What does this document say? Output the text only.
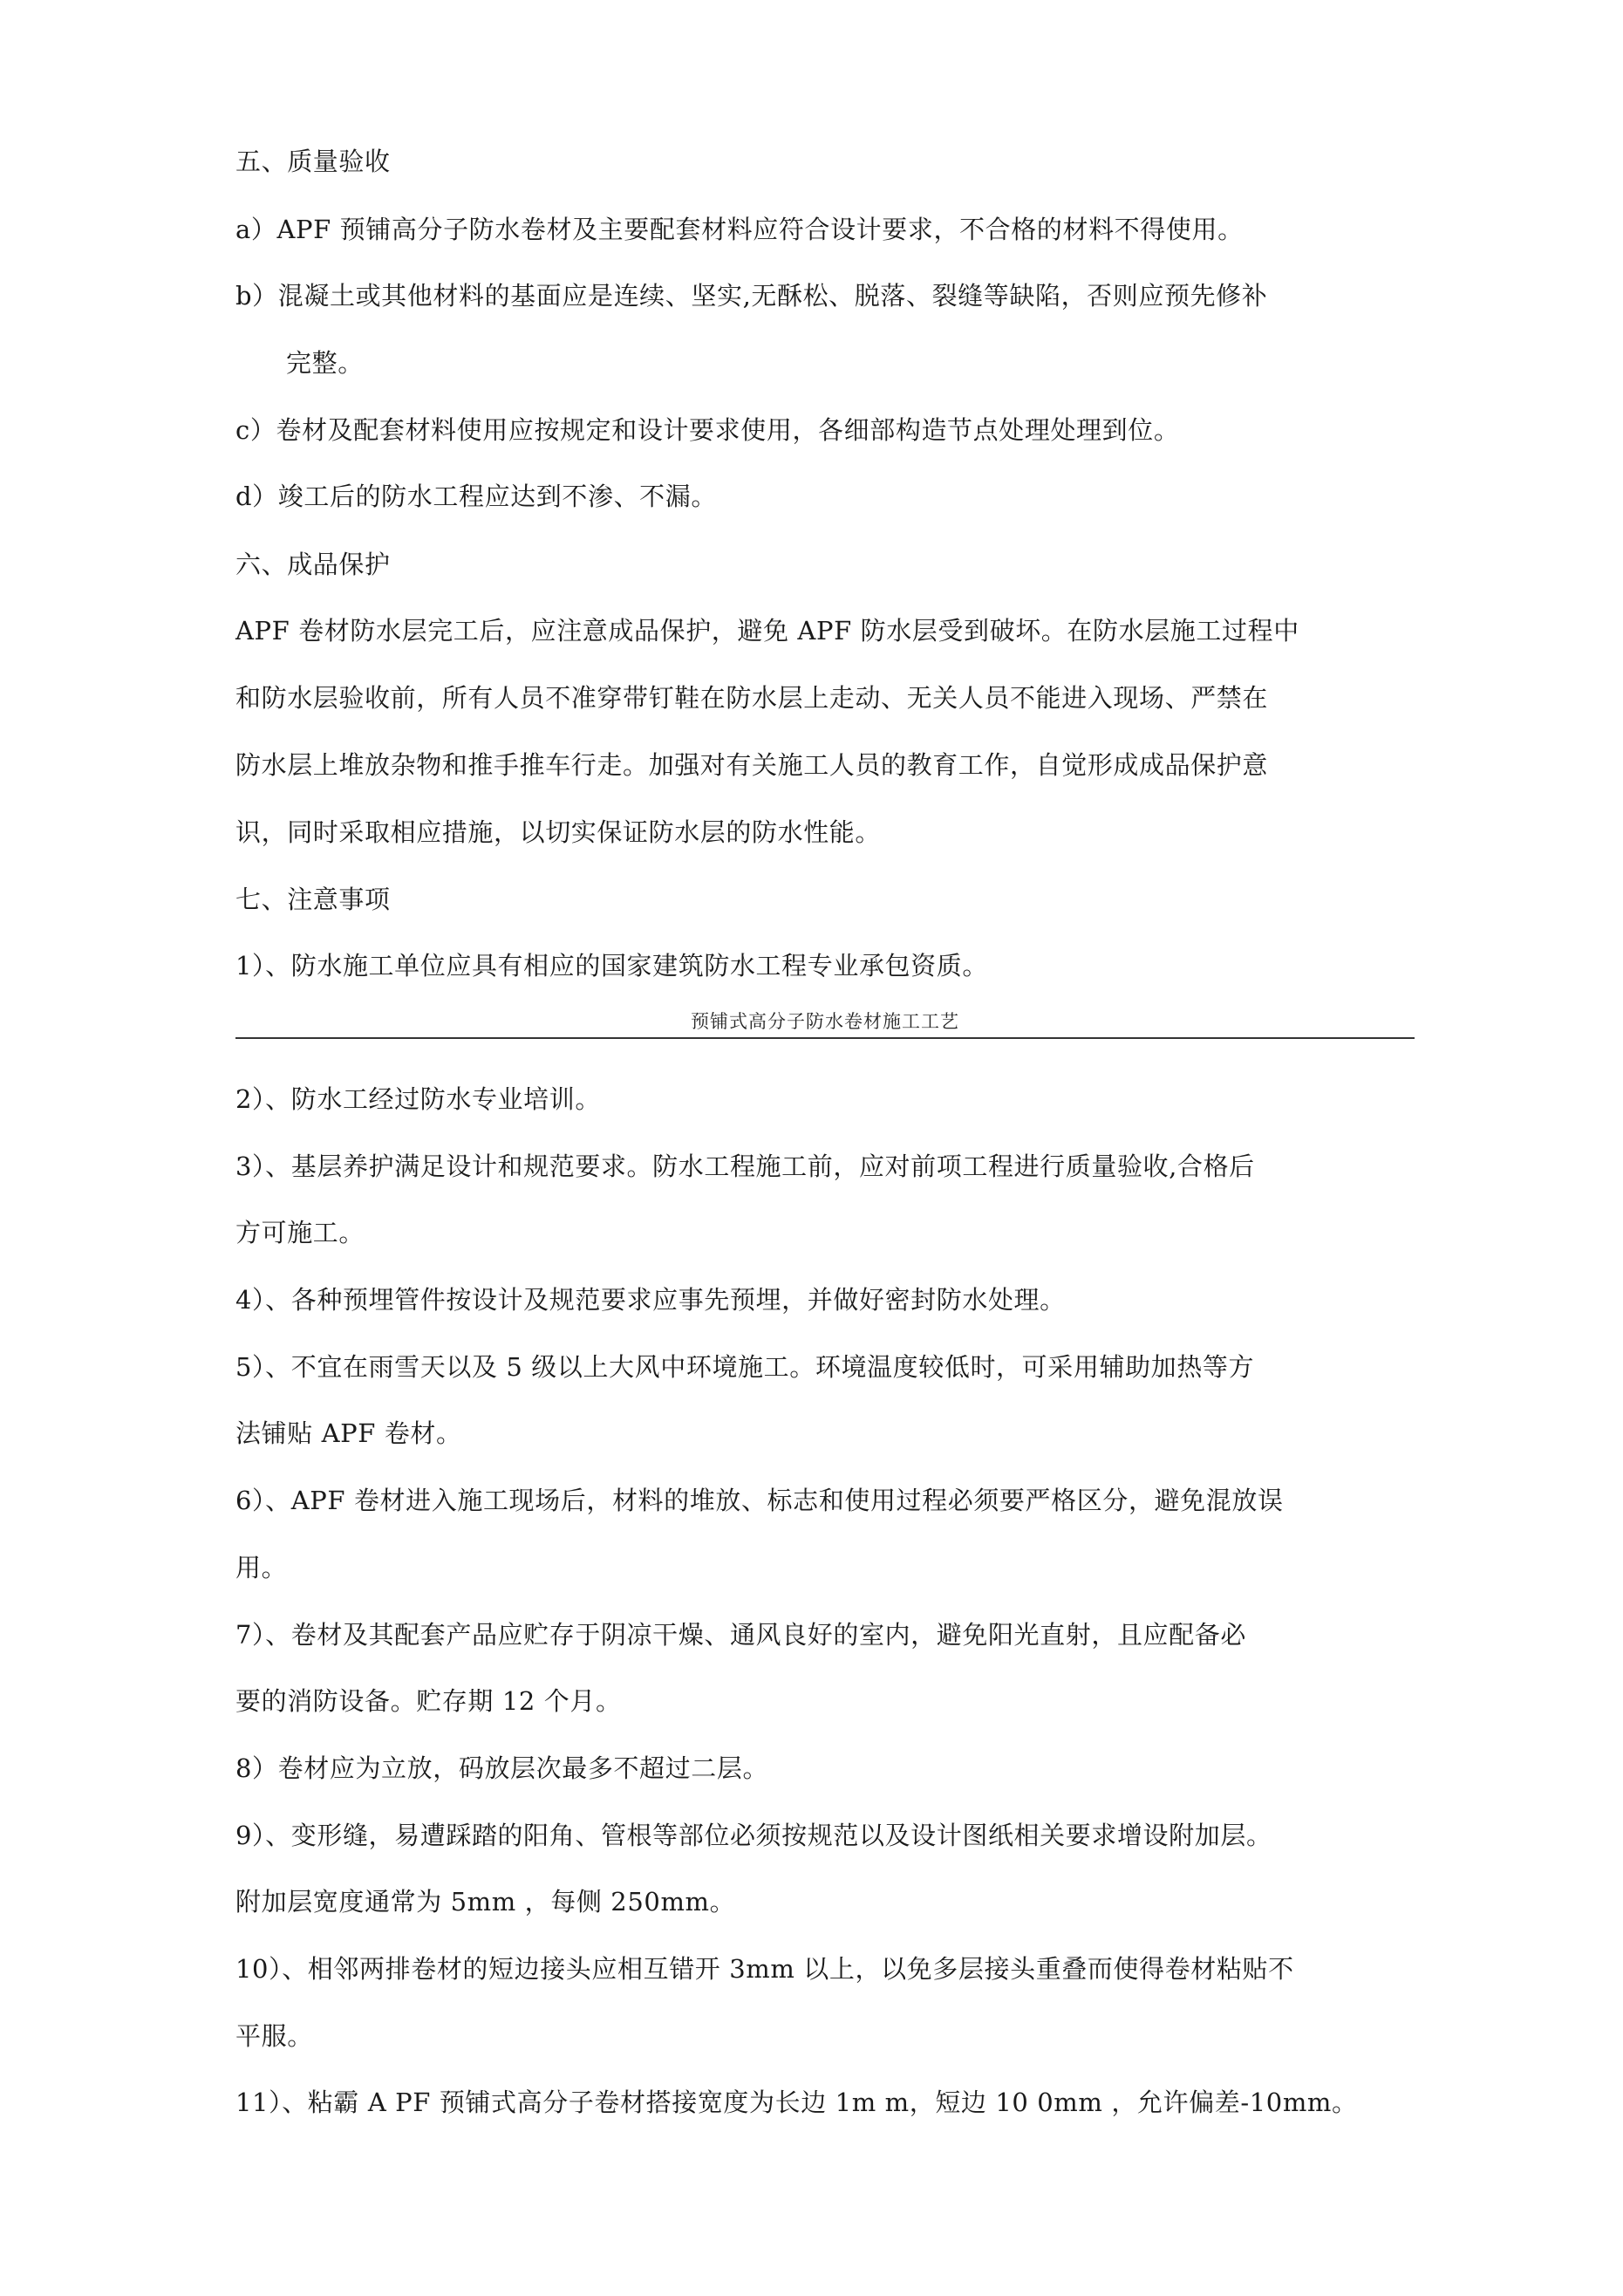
五、质量验收
a）APF 预铺高分子防水卷材及主要配套材料应符合设计要求，不合格的材料不得使用。
b）混凝土或其他材料的基面应是连续、坚实,无酥松、脱落、裂缝等缺陷，否则应预先修补
完整。
c）卷材及配套材料使用应按规定和设计要求使用，各细部构造节点处理处理到位。
d）竣工后的防水工程应达到不渗、不漏。
六、成品保护
APF 卷材防水层完工后，应注意成品保护，避免 APF 防水层受到破坏。在防水层施工过程中
和防水层验收前，所有人员不准穿带钉鞋在防水层上走动、无关人员不能进入现场、严禁在
防水层上堆放杂物和推手推车行走。加强对有关施工人员的教育工作，自觉形成成品保护意
识，同时采取相应措施，以切实保证防水层的防水性能。
七、注意事项
1）、防水施工单位应具有相应的国家建筑防水工程专业承包资质。
预铺式高分子防水卷材施工工艺
2）、防水工经过防水专业培训。
3）、基层养护满足设计和规范要求。防水工程施工前，应对前项工程进行质量验收,合格后
方可施工。
4）、各种预埋管件按设计及规范要求应事先预埋，并做好密封防水处理。
5）、不宜在雨雪天以及 5 级以上大风中环境施工。环境温度较低时，可采用辅助加热等方
法铺贴 APF 卷材。
6）、APF 卷材进入施工现场后，材料的堆放、标志和使用过程必须要严格区分，避免混放误
用。
7）、卷材及其配套产品应贮存于阴凉干燥、通风良好的室内，避免阳光直射，且应配备必
要的消防设备。贮存期 12 个月。
8）卷材应为立放，码放层次最多不超过二层。
9）、变形缝，易遭踩踏的阳角、管根等部位必须按规范以及设计图纸相关要求增设附加层。
附加层宽度通常为 5mm ，每侧 250mm。
10）、相邻两排卷材的短边接头应相互错开 3mm 以上，以免多层接头重叠而使得卷材粘贴不
平服。
11）、粘霸 A PF 预铺式高分子卷材搭接宽度为长边 1m m，短边 10 0mm ，允许偏差-10mm。
